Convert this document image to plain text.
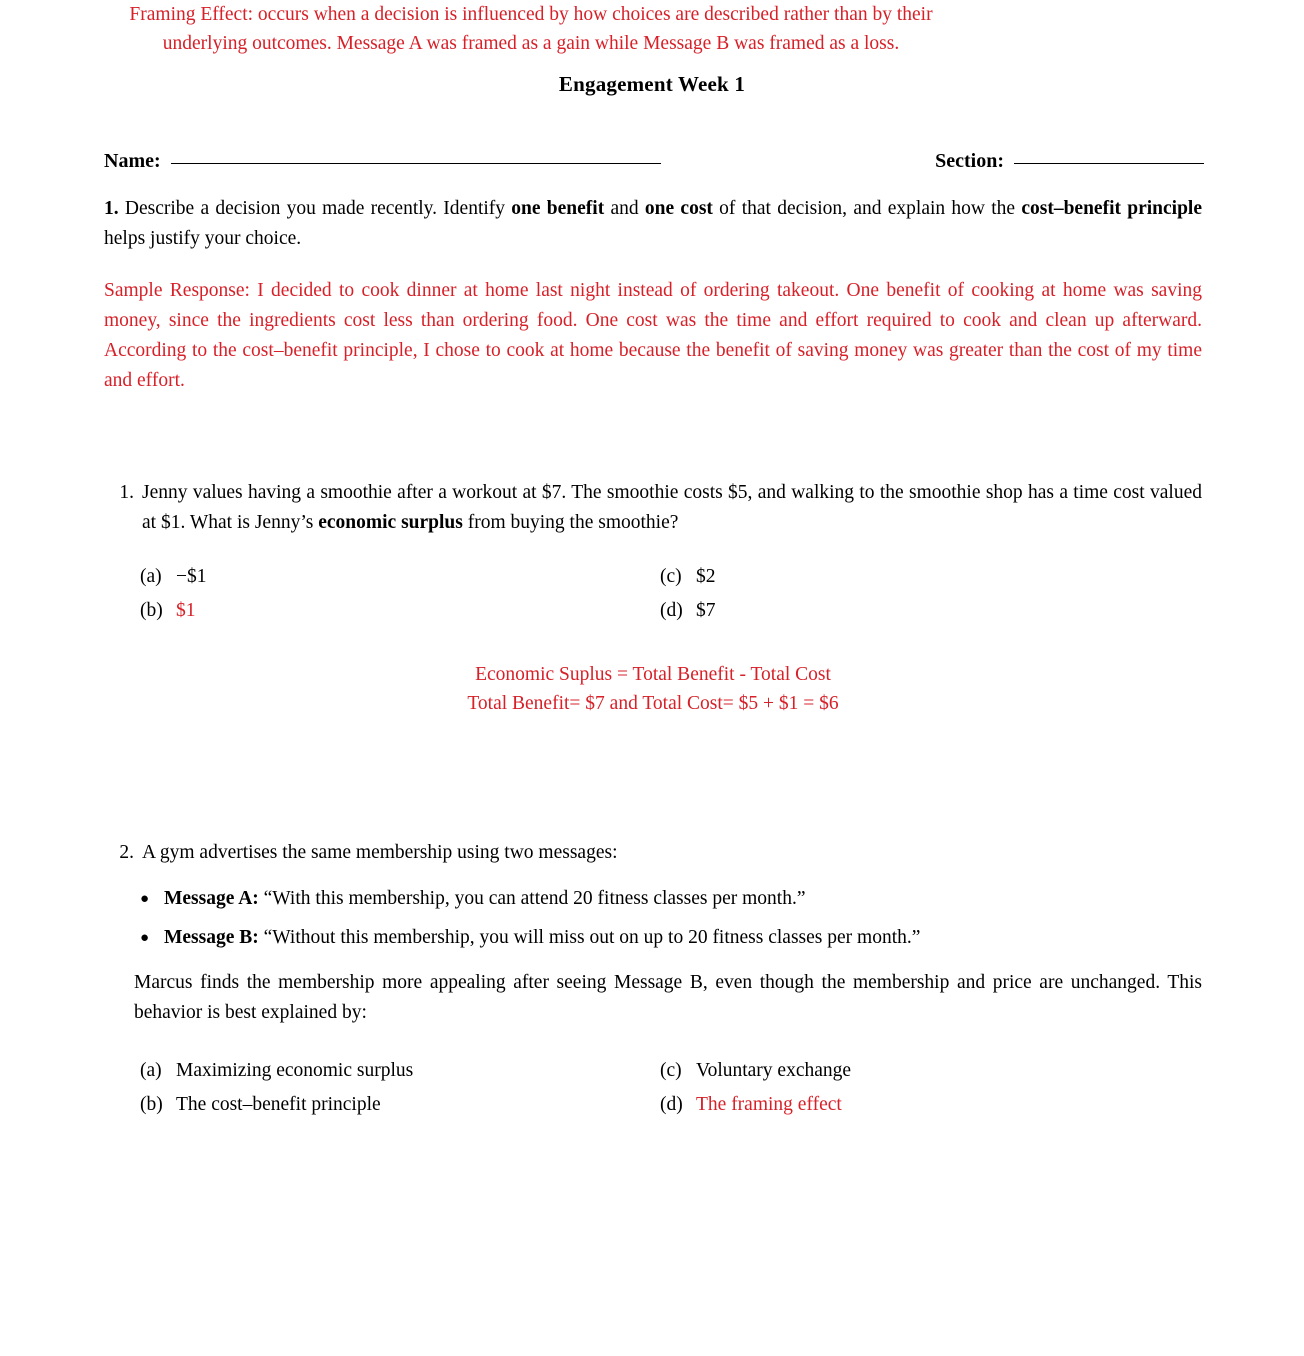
Engagement Week 1
Name:	Section:
1. Describe a decision you made recently. Identify one benefit and one cost of that decision, and explain how the cost–benefit principle helps justify your choice.
Sample Response: I decided to cook dinner at home last night instead of ordering takeout. One benefit of cooking at home was saving money, since the ingredients cost less than ordering food. One cost was the time and effort required to cook and clean up afterward. According to the cost–benefit principle, I chose to cook at home because the benefit of saving money was greater than the cost of my time and effort.
1. Jenny values having a smoothie after a workout at $7. The smoothie costs $5, and walking to the smoothie shop has a time cost valued at $1. What is Jenny’s economic surplus from buying the smoothie?
(a) −$1	(c) $2
(b) $1	(d) $7
Economic Suplus = Total Benefit - Total Cost
Total Benefit= $7 and Total Cost= $5 + $1 = $6
2. A gym advertises the same membership using two messages:
● Message A: “With this membership, you can attend 20 fitness classes per month.”
● Message B: “Without this membership, you will miss out on up to 20 fitness classes per month.”
Marcus finds the membership more appealing after seeing Message B, even though the membership and price are unchanged. This behavior is best explained by:
(a) Maximizing economic surplus	(c) Voluntary exchange
(b) The cost–benefit principle	(d) The framing effect
Framing Effect: occurs when a decision is influenced by how choices are described rather than by their
underlying outcomes. Message A was framed as a gain while Message B was framed as a loss.
